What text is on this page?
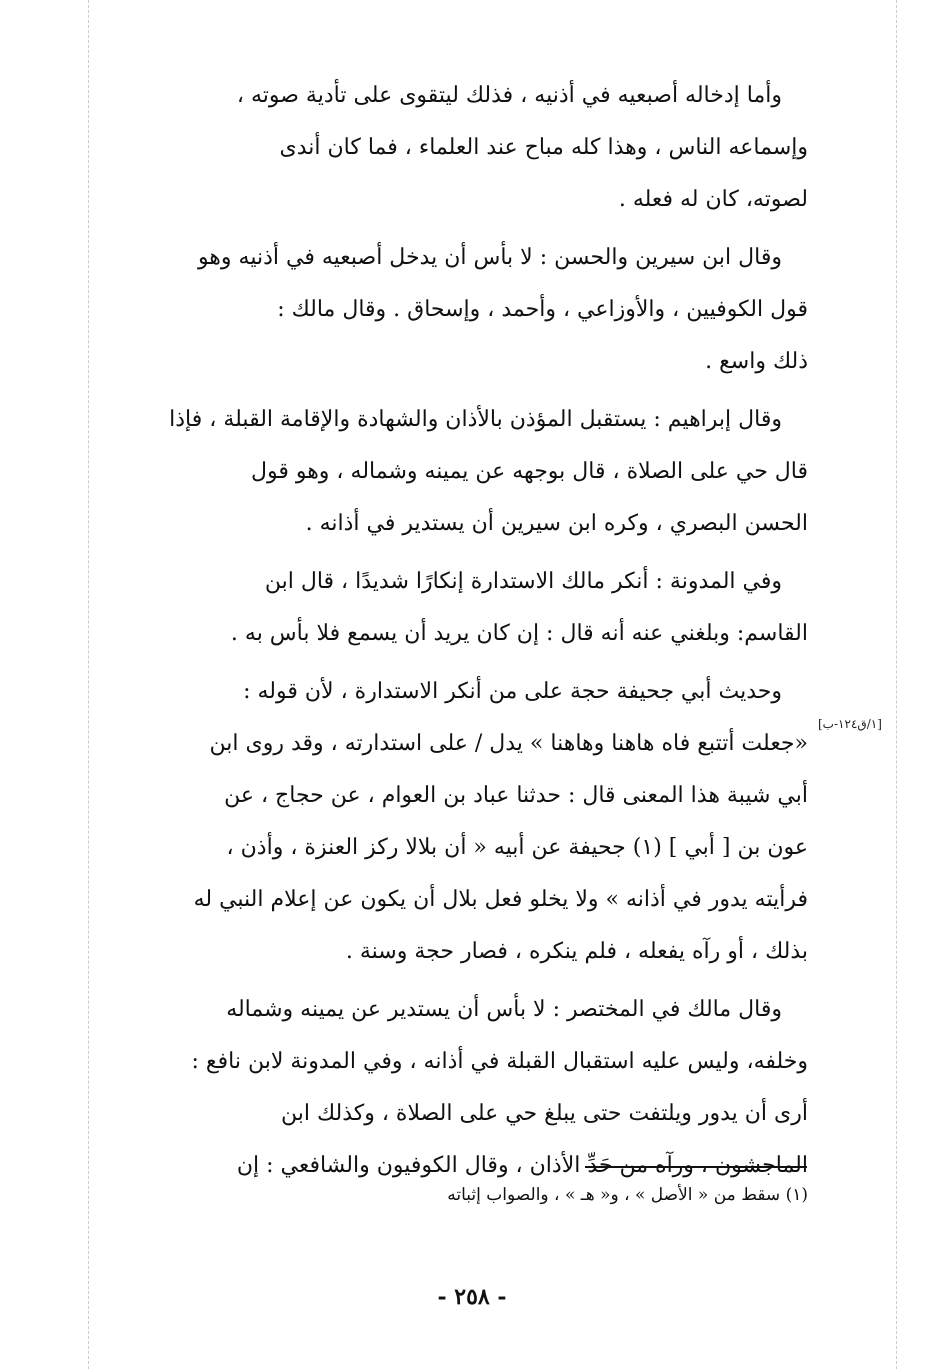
وأما إدخاله أصبعيه في أذنيه ، فذلك ليتقوى على تأدية صوته ،
وإسماعه الناس ، وهذا كله مباح عند العلماء ، فما كان أندى
لصوته، كان له فعله .

وقال ابن سيرين والحسن : لا بأس أن يدخل أصبعيه في أذنيه وهو
قول الكوفيين ، والأوزاعي ، وأحمد ، وإسحاق . وقال مالك :
ذلك واسع .

وقال إبراهيم : يستقبل المؤذن بالأذان والشهادة والإقامة القبلة ، فإذا
قال حي على الصلاة ، قال بوجهه عن يمينه وشماله ، وهو قول
الحسن البصري ، وكره ابن سيرين أن يستدير في أذانه .

وفي المدونة : أنكر مالك الاستدارة إنكارًا شديدًا ، قال ابن
القاسم: وبلغني عنه أنه قال : إن كان يريد أن يسمع فلا بأس به .

وحديث أبي جحيفة حجة على من أنكر الاستدارة ، لأن قوله :
«جعلت أتتبع فاه هاهنا وهاهنا » يدل / على استدارته ، وقد روى ابن
أبي شيبة هذا المعنى قال : حدثنا عباد بن العوام ، عن حجاج ، عن
عون بن [ أبي ] (١) جحيفة عن أبيه « أن بلالا ركز العنزة ، وأذن ،
فرأيته يدور في أذانه » ولا يخلو فعل بلال أن يكون عن إعلام النبي له
بذلك ، أو رآه يفعله ، فلم ينكره ، فصار حجة وسنة .

وقال مالك في المختصر : لا بأس أن يستدير عن يمينه وشماله
وخلفه، وليس عليه استقبال القبلة في أذانه ، وفي المدونة لابن نافع :
أرى أن يدور ويلتفت حتى يبلغ حي على الصلاة ، وكذلك ابن
الماجشون ، ورآه من حَدِّ الأذان ، وقال الكوفيون والشافعي : إن

[١/ق١٢٤-ب]
(١) سقط من « الأصل » ، و« هـ » ، والصواب إثباته
- ٢٥٨ -
